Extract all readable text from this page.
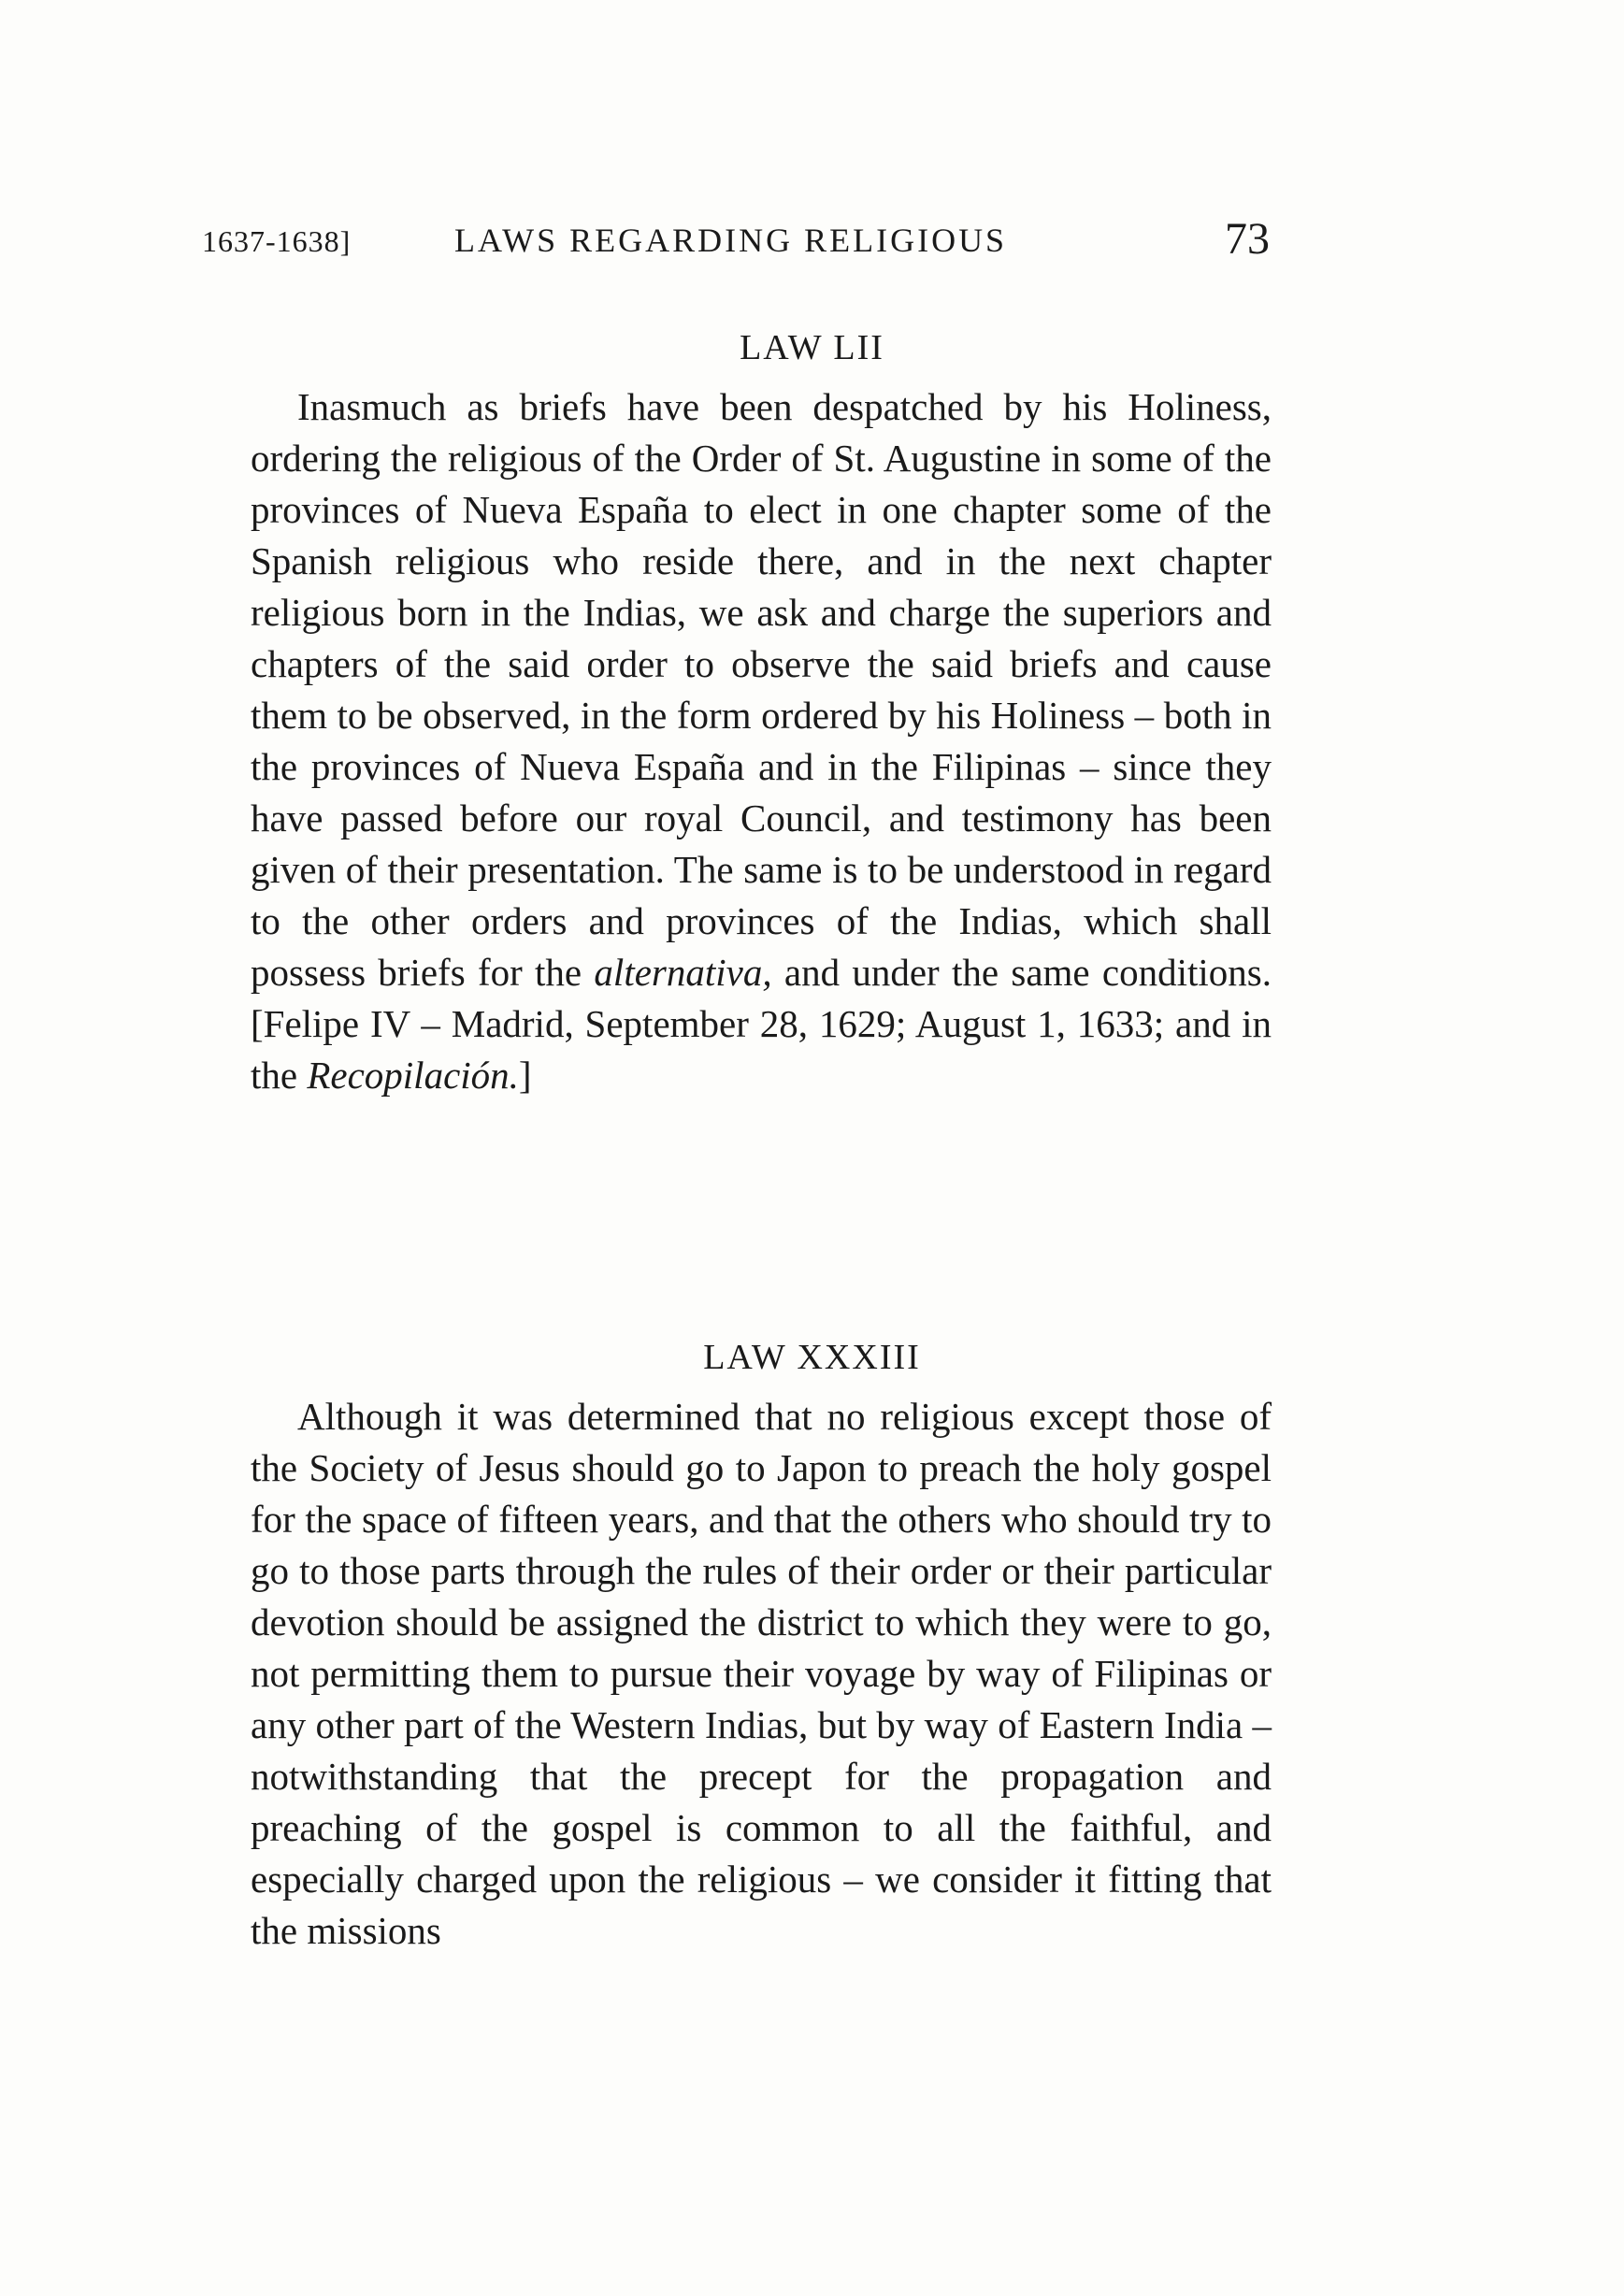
1637-1638]	LAWS REGARDING RELIGIOUS	73
LAW LII

Inasmuch as briefs have been despatched by his Holiness, ordering the religious of the Order of St. Augustine in some of the provinces of Nueva España to elect in one chapter some of the Spanish religious who reside there, and in the next chapter religious born in the Indias, we ask and charge the superiors and chapters of the said order to observe the said briefs and cause them to be observed, in the form ordered by his Holiness – both in the provinces of Nueva España and in the Filipinas – since they have passed before our royal Council, and testimony has been given of their presentation. The same is to be understood in regard to the other orders and provinces of the Indias, which shall possess briefs for the alternativa, and under the same conditions. [Felipe IV – Madrid, September 28, 1629; August 1, 1633; and in the Recopilación.]

LAW XXXIII

Although it was determined that no religious except those of the Society of Jesus should go to Japon to preach the holy gospel for the space of fifteen years, and that the others who should try to go to those parts through the rules of their order or their particular devotion should be assigned the district to which they were to go, not permitting them to pursue their voyage by way of Filipinas or any other part of the Western Indias, but by way of Eastern India – notwithstanding that the precept for the propagation and preaching of the gospel is common to all the faithful, and especially charged upon the religious – we consider it fitting that the missions
